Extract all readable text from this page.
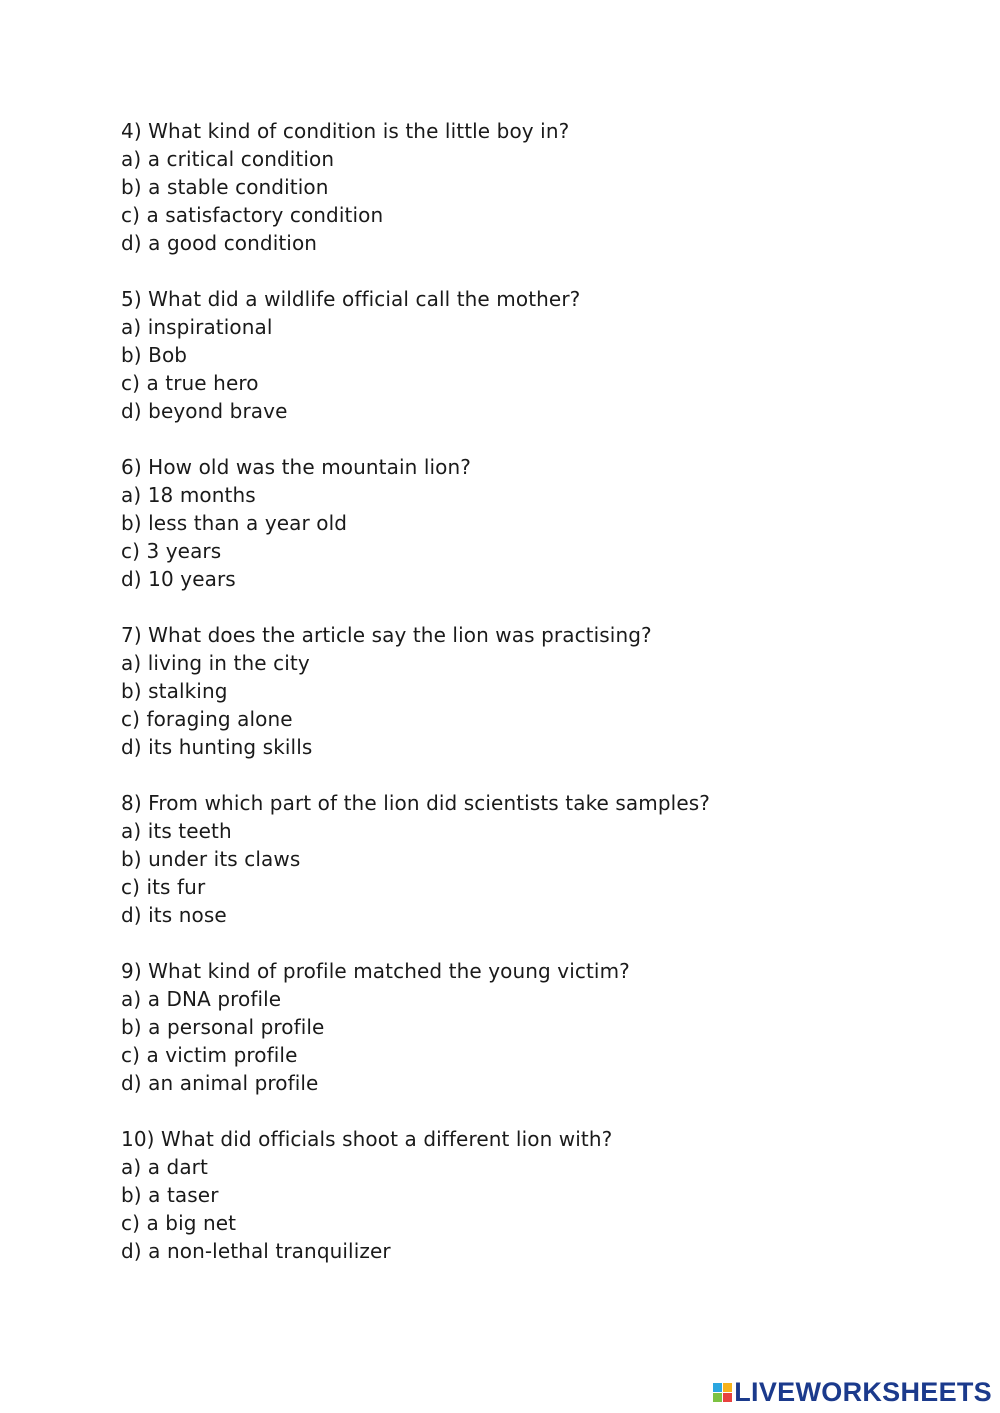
4) What kind of condition is the little boy in?
a) a critical condition
b) a stable condition
c) a satisfactory condition
d) a good condition
5) What did a wildlife official call the mother?
a) inspirational
b) Bob
c) a true hero
d) beyond brave
6) How old was the mountain lion?
a) 18 months
b) less than a year old
c) 3 years
d) 10 years
7) What does the article say the lion was practising?
a) living in the city
b) stalking
c) foraging alone
d) its hunting skills
8) From which part of the lion did scientists take samples?
a) its teeth
b) under its claws
c) its fur
d) its nose
9) What kind of profile matched the young victim?
a) a DNA profile
b) a personal profile
c) a victim profile
d) an animal profile
10) What did officials shoot a different lion with?
a) a dart
b) a taser
c) a big net
d) a non-lethal tranquilizer
LIVEWORKSHEETS
